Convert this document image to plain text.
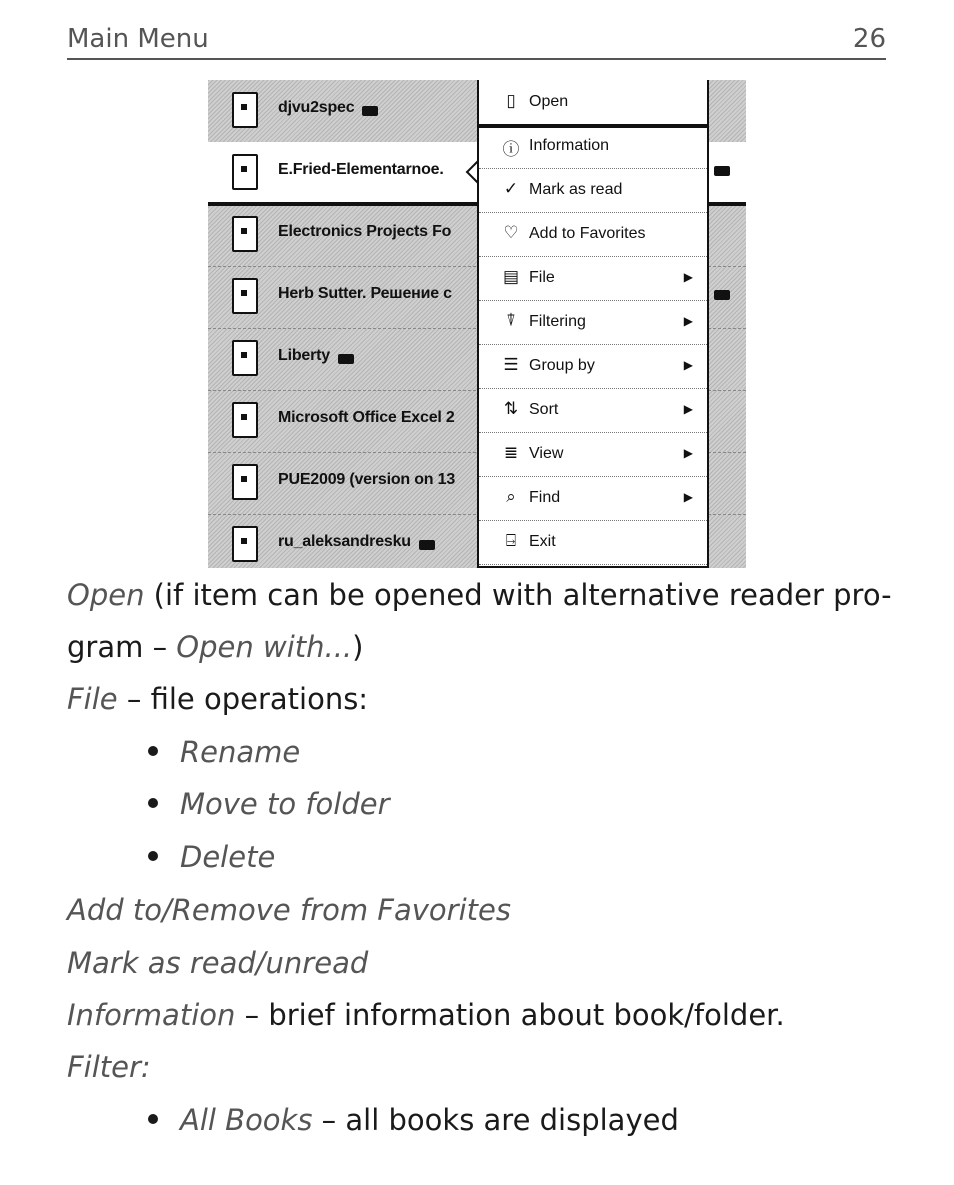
Main Menu	26
djvu2spec
E.Fried-Elementarnoe.
Electronics Projects Fo
Herb Sutter. Решение с
Liberty
Microsoft Office Excel 2
PUE2009 (version on 13
ru_aleksandresku
▯ Open
ⓘ Information
✓ Mark as read
♡ Add to Favorites
▤ File	▶
⍒ Filtering	▶
☰ Group by	▶
⇅ Sort	▶
≣ View	▶
⌕ Find	▶
⍈ Exit
Open (if item can be opened with alternative reader pro-
gram – Open with...)
File – file operations:
Rename
Move to folder
Delete
Add to/Remove from Favorites
Mark as read/unread
Information – brief information about book/folder.
Filter:
All Books – all books are displayed
